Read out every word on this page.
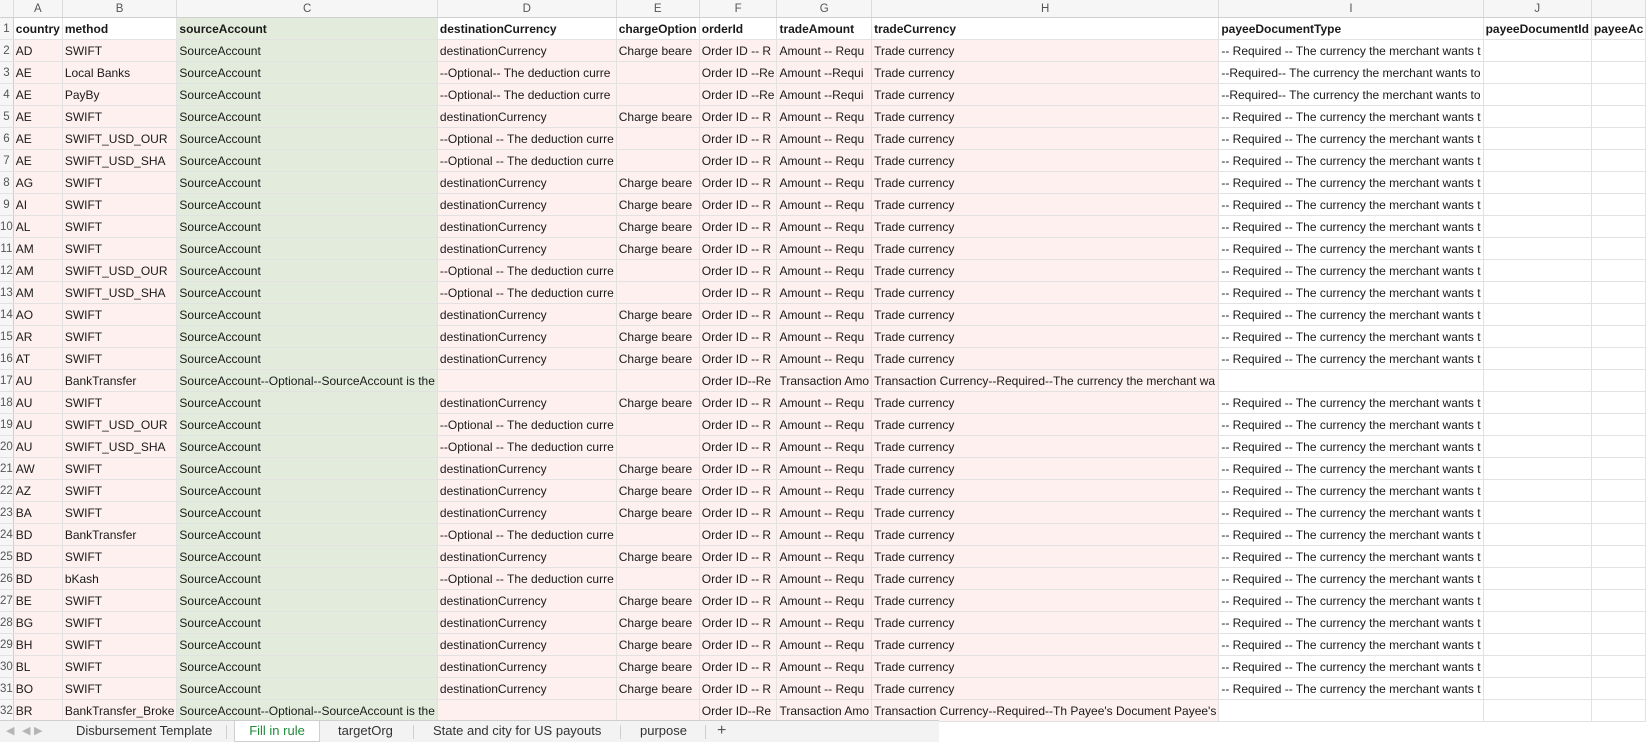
	A	B	C	D	E	F	G	H	I	J	
1	country	method	sourceAccount	destinationCurrency	chargeOption	orderId	tradeAmount	tradeCurrency	payeeDocumentType	payeeDocumentId	payeeAc
2	AD	SWIFT	SourceAccount	destinationCurrency	Charge beare	Order ID -- R	Amount -- Requ	Trade currency	-- Required -- The currency the merchant wants t		
3	AE	Local Banks	SourceAccount	--Optional-- The deduction curre		Order ID --Re	Amount --Requi	Trade currency	--Required-- The currency the merchant wants to		
4	AE	PayBy	SourceAccount	--Optional-- The deduction curre		Order ID --Re	Amount --Requi	Trade currency	--Required-- The currency the merchant wants to		
5	AE	SWIFT	SourceAccount	destinationCurrency	Charge beare	Order ID -- R	Amount -- Requ	Trade currency	-- Required -- The currency the merchant wants t		
6	AE	SWIFT_USD_OUR	SourceAccount	--Optional -- The deduction curre		Order ID -- R	Amount -- Requ	Trade currency	-- Required -- The currency the merchant wants t		
7	AE	SWIFT_USD_SHA	SourceAccount	--Optional -- The deduction curre		Order ID -- R	Amount -- Requ	Trade currency	-- Required -- The currency the merchant wants t		
8	AG	SWIFT	SourceAccount	destinationCurrency	Charge beare	Order ID -- R	Amount -- Requ	Trade currency	-- Required -- The currency the merchant wants t		
9	AI	SWIFT	SourceAccount	destinationCurrency	Charge beare	Order ID -- R	Amount -- Requ	Trade currency	-- Required -- The currency the merchant wants t		
10	AL	SWIFT	SourceAccount	destinationCurrency	Charge beare	Order ID -- R	Amount -- Requ	Trade currency	-- Required -- The currency the merchant wants t		
11	AM	SWIFT	SourceAccount	destinationCurrency	Charge beare	Order ID -- R	Amount -- Requ	Trade currency	-- Required -- The currency the merchant wants t		
12	AM	SWIFT_USD_OUR	SourceAccount	--Optional -- The deduction curre		Order ID -- R	Amount -- Requ	Trade currency	-- Required -- The currency the merchant wants t		
13	AM	SWIFT_USD_SHA	SourceAccount	--Optional -- The deduction curre		Order ID -- R	Amount -- Requ	Trade currency	-- Required -- The currency the merchant wants t		
14	AO	SWIFT	SourceAccount	destinationCurrency	Charge beare	Order ID -- R	Amount -- Requ	Trade currency	-- Required -- The currency the merchant wants t		
15	AR	SWIFT	SourceAccount	destinationCurrency	Charge beare	Order ID -- R	Amount -- Requ	Trade currency	-- Required -- The currency the merchant wants t		
16	AT	SWIFT	SourceAccount	destinationCurrency	Charge beare	Order ID -- R	Amount -- Requ	Trade currency	-- Required -- The currency the merchant wants t		
17	AU	BankTransfer	SourceAccount--Optional--SourceAccount is the			Order ID--Re	Transaction Amo	Transaction Currency--Required--The currency the merchant wa			
18	AU	SWIFT	SourceAccount	destinationCurrency	Charge beare	Order ID -- R	Amount -- Requ	Trade currency	-- Required -- The currency the merchant wants t		
19	AU	SWIFT_USD_OUR	SourceAccount	--Optional -- The deduction curre		Order ID -- R	Amount -- Requ	Trade currency	-- Required -- The currency the merchant wants t		
20	AU	SWIFT_USD_SHA	SourceAccount	--Optional -- The deduction curre		Order ID -- R	Amount -- Requ	Trade currency	-- Required -- The currency the merchant wants t		
21	AW	SWIFT	SourceAccount	destinationCurrency	Charge beare	Order ID -- R	Amount -- Requ	Trade currency	-- Required -- The currency the merchant wants t		
22	AZ	SWIFT	SourceAccount	destinationCurrency	Charge beare	Order ID -- R	Amount -- Requ	Trade currency	-- Required -- The currency the merchant wants t		
23	BA	SWIFT	SourceAccount	destinationCurrency	Charge beare	Order ID -- R	Amount -- Requ	Trade currency	-- Required -- The currency the merchant wants t		
24	BD	BankTransfer	SourceAccount	--Optional -- The deduction curre		Order ID -- R	Amount -- Requ	Trade currency	-- Required -- The currency the merchant wants t		
25	BD	SWIFT	SourceAccount	destinationCurrency	Charge beare	Order ID -- R	Amount -- Requ	Trade currency	-- Required -- The currency the merchant wants t		
26	BD	bKash	SourceAccount	--Optional -- The deduction curre		Order ID -- R	Amount -- Requ	Trade currency	-- Required -- The currency the merchant wants t		
27	BE	SWIFT	SourceAccount	destinationCurrency	Charge beare	Order ID -- R	Amount -- Requ	Trade currency	-- Required -- The currency the merchant wants t		
28	BG	SWIFT	SourceAccount	destinationCurrency	Charge beare	Order ID -- R	Amount -- Requ	Trade currency	-- Required -- The currency the merchant wants t		
29	BH	SWIFT	SourceAccount	destinationCurrency	Charge beare	Order ID -- R	Amount -- Requ	Trade currency	-- Required -- The currency the merchant wants t		
30	BL	SWIFT	SourceAccount	destinationCurrency	Charge beare	Order ID -- R	Amount -- Requ	Trade currency	-- Required -- The currency the merchant wants t		
31	BO	SWIFT	SourceAccount	destinationCurrency	Charge beare	Order ID -- R	Amount -- Requ	Trade currency	-- Required -- The currency the merchant wants t		
32	BR	BankTransfer_Broke	SourceAccount--Optional--SourceAccount is the			Order ID--Re	Transaction Amo	Transaction Currency--Required--Th Payee's Document Payee's			
◀ ◀ ▶	Disbursement Template	Fill in rule	targetOrg	State and city for US payouts	purpose +
